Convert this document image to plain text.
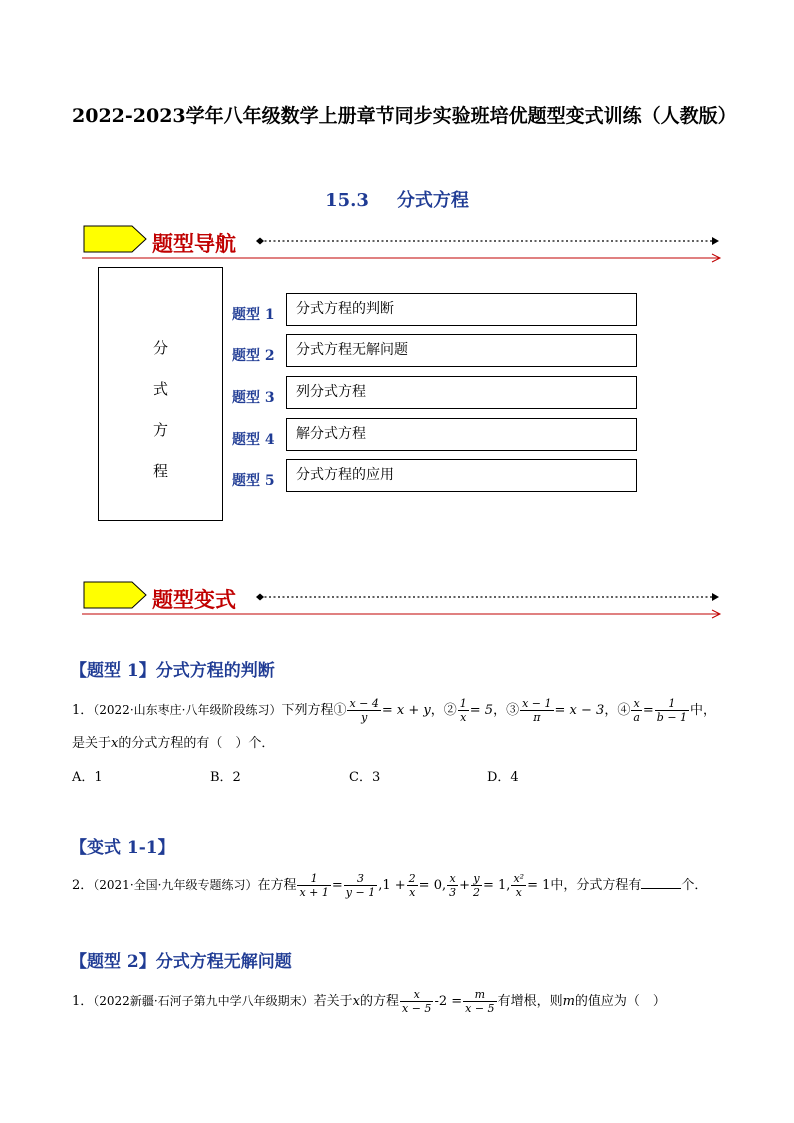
2022-2023学年八年级数学上册章节同步实验班培优题型变式训练（人教版）
15.3 分式方程
题型导航
分
式
方
程
题型 1	分式方程的判断
题型 2	分式方程无解问题
题型 3	列分式方程
题型 4	解分式方程
题型 5	分式方程的应用
题型变式
【题型 1】分式方程的判断
1．（2022·山东枣庄·八年级阶段练习）下列方程① $\frac{x - 4}{y} = x + y$，② $\frac{1}{x} = 5$，③ $\frac{x - 1}{\pi} = x - 3$，④ $\frac{x}{a} = \frac{1}{b - 1}$ 中，
是关于x的分式方程的有（　）个．
A．1	B．2	C．3	D．4
【变式 1-1】
2．（2021·全国·九年级专题练习）在方程 $\frac{1}{x + 1} = \frac{3}{y - 1} ,1 + \frac{2}{x} = 0$, $\frac{x}{3} + \frac{y}{2} = 1$, $\frac{\text{x²}}{x} = 1$中，分式方程有	个．
【题型 2】分式方程无解问题
1．（2022新疆·石河子第九中学八年级期末）若关于x的方程 $\frac{x}{x - 5} -2 = \frac{m}{x - 5}$ 有增根，则m的值应为（　）
